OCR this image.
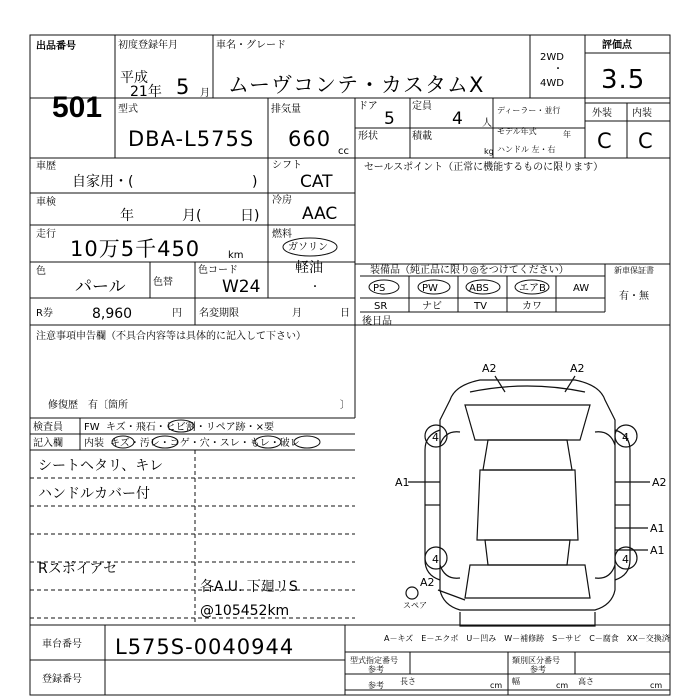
出品番号
501
初度登録年月
平成
21年 5 月
車名・グレード
ムーヴコンテ・カスタムX
2WD
・
4WD
評価点
3.5
型式
DBA-L575S
排気量
660
cc
ドア
5
定員
4 人
形状	積載
kg
ディーラー・並行
モデル年式	年
ハンドル 左・右
外装 内装
C C
車歴
自家用・(	)
シフト
CAT
車検
年	月(	日)
冷房
AAC
走行
10万5千450	km
燃料
ガソリン
軽油
・
色
パール	色替
色コード
W24
R券	8,960	円 名変期限	月	日
セールスポイント（正常に機能するものに限ります）
装備品（純正品に限り◎をつけてください）	新車保証書
有・無
PS	PW	ABS	エアB	AW
SR	ナビ	TV	カワ
後日品
注意事項申告欄（不具合内容等は具体的に記入して下さい）
修復歴　有〔箇所	〕
検査員
記入欄
FW キズ・飛石・ヒビ割・リペア跡・×要
内装 キズ・汚レ・コゲ・穴・スレ・もレ・破レ
シートヘタリ、キレ
ハンドルカバー付
Rスポイアセ
各A.U. 下廻リS
@105452km
車台番号 L575S-0040944
登録番号
A－キズ　E－エクボ　U－凹み　W－補修跡　S－サビ　C－腐食　XX－交換済
型式指定番号
参考
類別区分番号
参考
参考 長さ	cm 幅	cm 高さ	cm
A2	A2
4	4
A1	A2
A1
A1
4	4
A2
スペア
